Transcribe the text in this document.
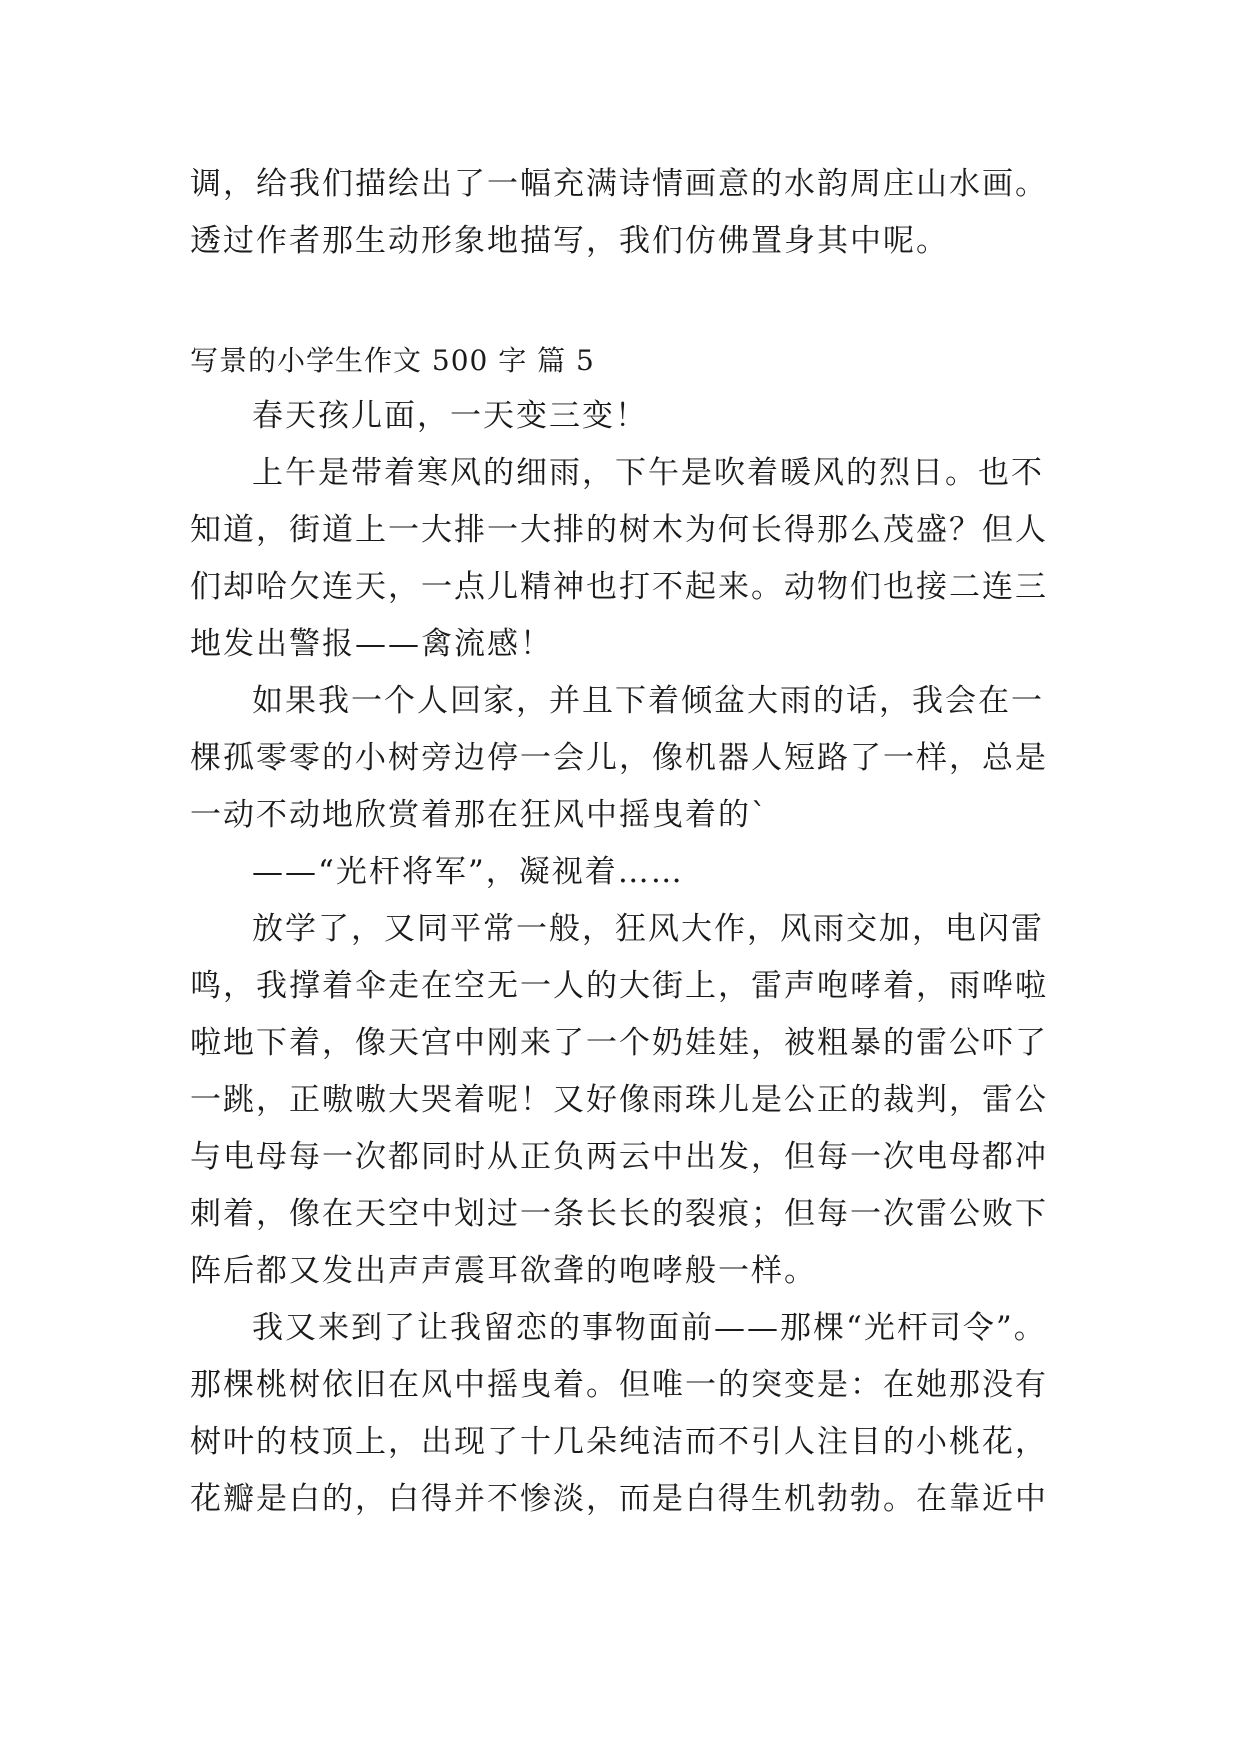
调，给我们描绘出了一幅充满诗情画意的水韵周庄山水画。
透过作者那生动形象地描写，我们仿佛置身其中呢。
写景的小学生作文 500 字 篇 5
春天孩儿面，一天变三变！
上午是带着寒风的细雨，下午是吹着暖风的烈日。也不
知道，街道上一大排一大排的树木为何长得那么茂盛？但人
们却哈欠连天，一点儿精神也打不起来。动物们也接二连三
地发出警报——禽流感！
如果我一个人回家，并且下着倾盆大雨的话，我会在一
棵孤零零的小树旁边停一会儿，像机器人短路了一样，总是
一动不动地欣赏着那在狂风中摇曳着的`
——“光杆将军”，凝视着……
放学了，又同平常一般，狂风大作，风雨交加，电闪雷
鸣，我撑着伞走在空无一人的大街上，雷声咆哮着，雨哗啦
啦地下着，像天宫中刚来了一个奶娃娃，被粗暴的雷公吓了
一跳，正嗷嗷大哭着呢！又好像雨珠儿是公正的裁判，雷公
与电母每一次都同时从正负两云中出发，但每一次电母都冲
刺着，像在天空中划过一条长长的裂痕；但每一次雷公败下
阵后都又发出声声震耳欲聋的咆哮般一样。
我又来到了让我留恋的事物面前——那棵“光杆司令”。
那棵桃树依旧在风中摇曳着。但唯一的突变是：在她那没有
树叶的枝顶上，出现了十几朵纯洁而不引人注目的小桃花，
花瓣是白的，白得并不惨淡，而是白得生机勃勃。在靠近中
